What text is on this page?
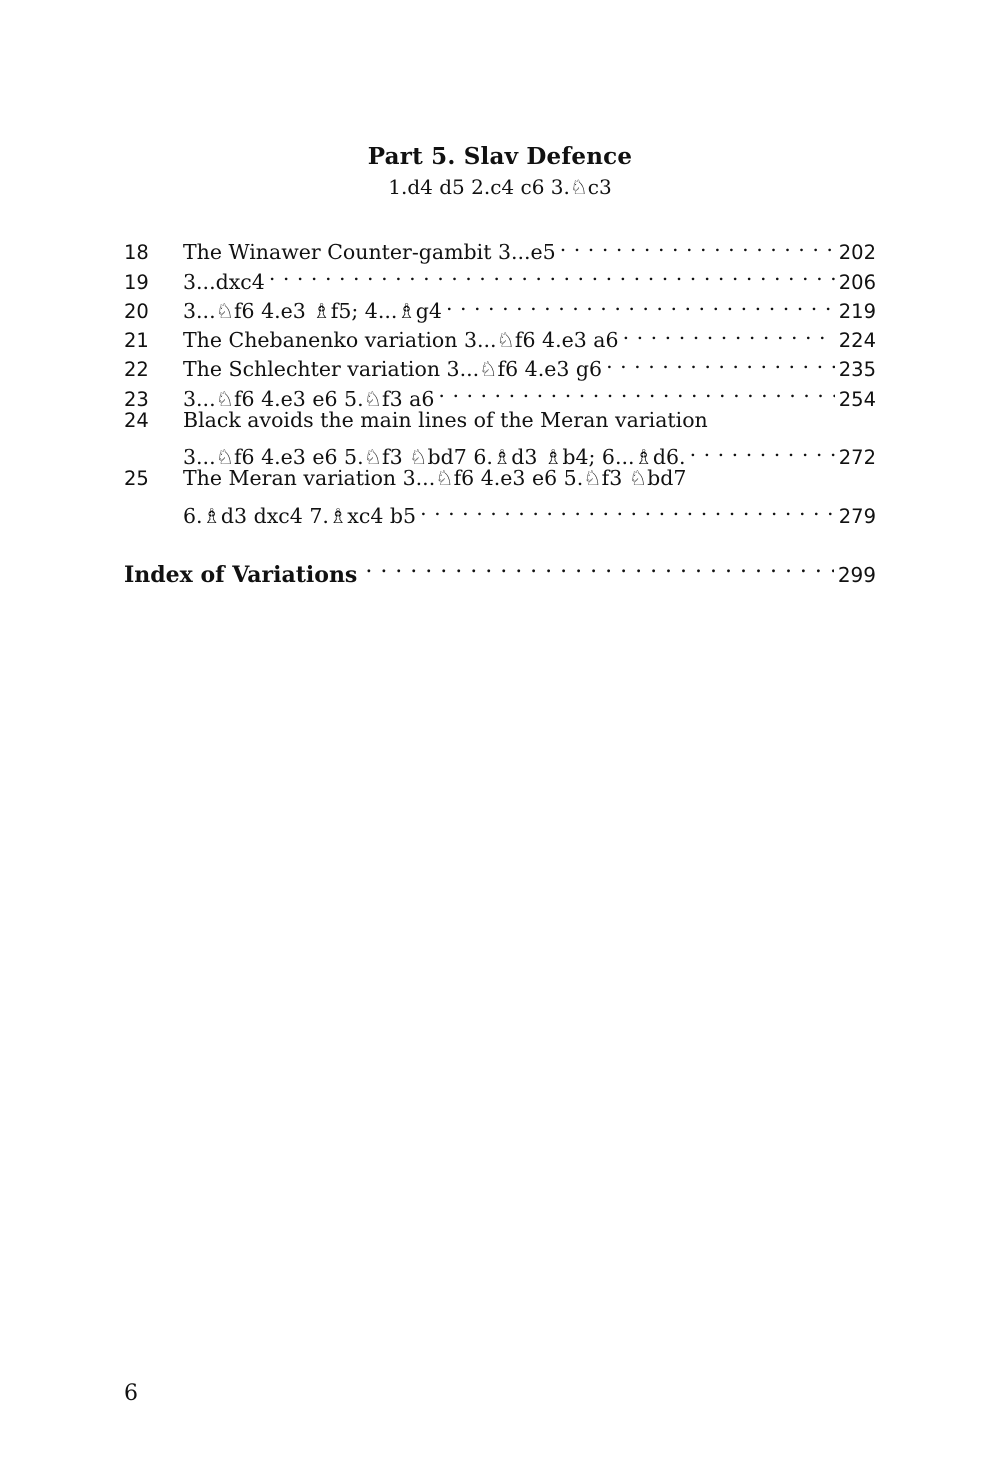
Part 5. Slav Defence
1.d4 d5 2.c4 c6 3.♘c3
18	The Winawer Counter-gambit 3...e5 . . .	202
19	3...dxc4 . . .	206
20	3...♘f6 4.e3 ♗f5; 4...♗g4 . . .	219
21	The Chebanenko variation 3...♘f6 4.e3 a6 . . .	224
22	The Schlechter variation 3...♘f6 4.e3 g6 . . .	235
23	3...♘f6 4.e3 e6 5.♘f3 a6 . . .	254
24	Black avoids the main lines of the Meran variation
3...♘f6 4.e3 e6 5.♘f3 ♘bd7 6.♗d3 ♗b4; 6...♗d6. . . .	272
25	The Meran variation 3...♘f6 4.e3 e6 5.♘f3 ♘bd7
6.♗d3 dxc4 7.♗xc4 b5 . . .	279
Index of Variations . . .	299
6
